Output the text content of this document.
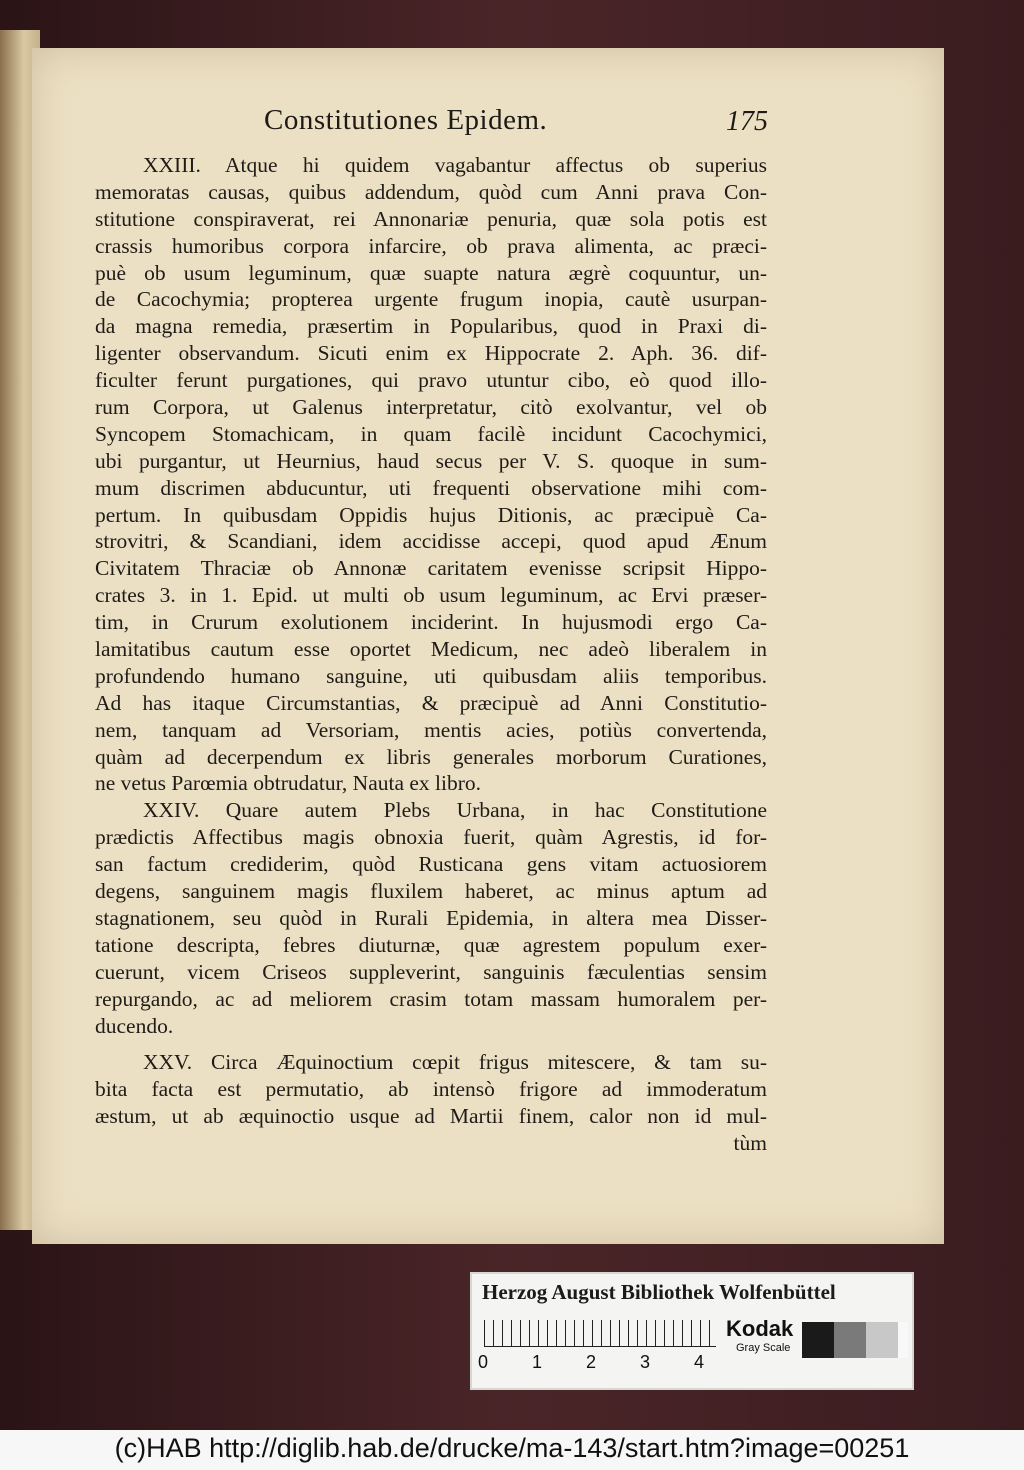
Constitutiones Epidem.	175
XXIII. Atque hi quidem vagabantur affectus ob superius
memoratas causas, quibus addendum, quòd cum Anni prava Con-
stitutione conspiraverat, rei Annonariæ penuria, quæ sola potis est
crassis humoribus corpora infarcire, ob prava alimenta, ac præci-
puè ob usum leguminum, quæ suapte natura ægrè coquuntur, un-
de Cacochymia; propterea urgente frugum inopia, cautè usurpan-
da magna remedia, præsertim in Popularibus, quod in Praxi di-
ligenter observandum. Sicuti enim ex Hippocrate 2. Aph. 36. dif-
ficulter ferunt purgationes, qui pravo utuntur cibo, eò quod illo-
rum Corpora, ut Galenus interpretatur, citò exolvantur, vel ob
Syncopem Stomachicam, in quam facilè incidunt Cacochymici,
ubi purgantur, ut Heurnius, haud secus per V. S. quoque in sum-
mum discrimen abducuntur, uti frequenti observatione mihi com-
pertum. In quibusdam Oppidis hujus Ditionis, ac præcipuè Ca-
strovitri, & Scandiani, idem accidisse accepi, quod apud Ænum
Civitatem Thraciæ ob Annonæ caritatem evenisse scripsit Hippo-
crates 3. in 1. Epid. ut multi ob usum leguminum, ac Ervi præser-
tim, in Crurum exolutionem inciderint. In hujusmodi ergo Ca-
lamitatibus cautum esse oportet Medicum, nec adeò liberalem in
profundendo humano sanguine, uti quibusdam aliis temporibus.
Ad has itaque Circumstantias, & præcipuè ad Anni Constitutio-
nem, tanquam ad Versoriam, mentis acies, potiùs convertenda,
quàm ad decerpendum ex libris generales morborum Curationes,
ne vetus Parœmia obtrudatur, Nauta ex libro.
XXIV. Quare autem Plebs Urbana, in hac Constitutione
prædictis Affectibus magis obnoxia fuerit, quàm Agrestis, id for-
san factum crediderim, quòd Rusticana gens vitam actuosiorem
degens, sanguinem magis fluxilem haberet, ac minus aptum ad
stagnationem, seu quòd in Rurali Epidemia, in altera mea Disser-
tatione descripta, febres diuturnæ, quæ agrestem populum exer-
cuerunt, vicem Criseos suppleverint, sanguinis fæculentias sensim
repurgando, ac ad meliorem crasim totam massam humoralem per-
ducendo.
XXV. Circa Æquinoctium cœpit frigus mitescere, & tam su-
bita facta est permutatio, ab intensò frigore ad immoderatum
æstum, ut ab æquinoctio usque ad Martii finem, calor non id mul-
tùm
Herzog August Bibliothek Wolfenbüttel
0 1 2 3 4
Kodak
Gray Scale
(c)HAB http://diglib.hab.de/drucke/ma-143/start.htm?image=00251
